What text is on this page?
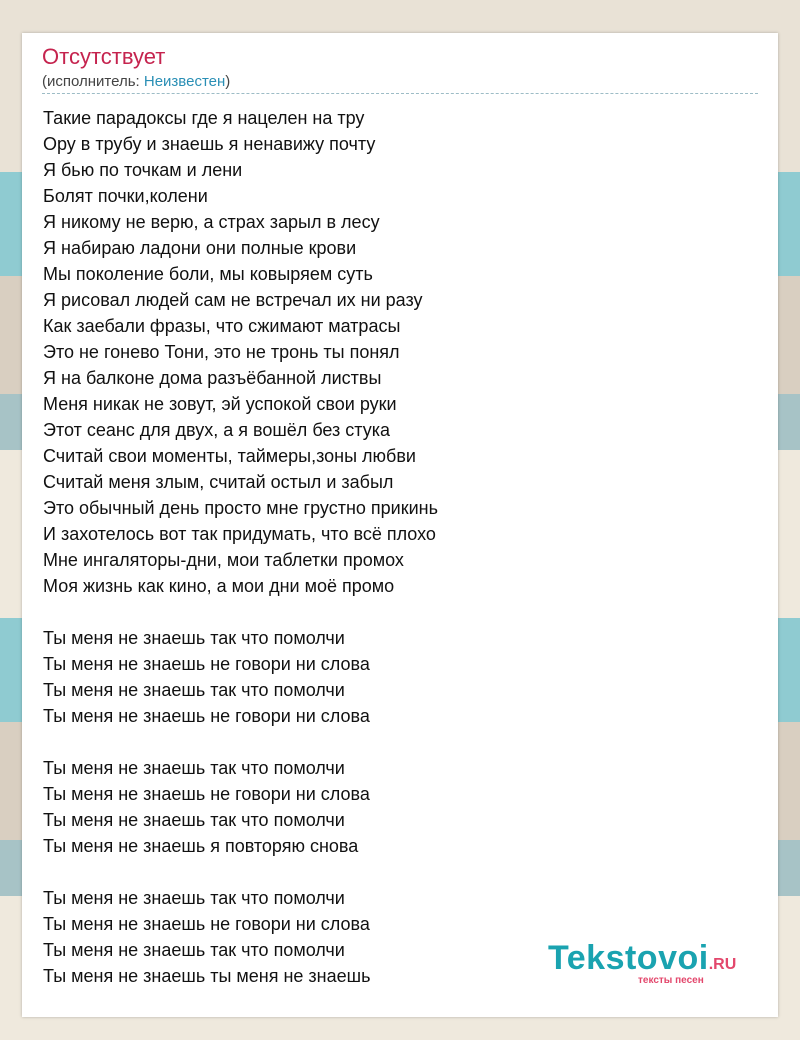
Отсутствует
(исполнитель: Неизвестен)
Такие парадоксы где я нацелен на тру
Ору в трубу и знаешь я ненавижу почту
Я бью по точкам и лени
Болят почки,колени
Я никому не верю, а страх зарыл в лесу
Я набираю ладони они полные крови
Мы поколение боли, мы ковыряем суть
Я рисовал людей сам не встречал их ни разу
Как заебали фразы, что сжимают матрасы
Это не гонево Тони, это не тронь ты понял
Я на балконе дома разъёбанной листвы
Меня никак не зовут, эй успокой свои руки
Этот сеанс для двух, а я вошёл без стука
Считай свои моменты, таймеры,зоны любви
Считай меня злым, считай остыл и забыл
Это обычный день просто мне грустно прикинь
И захотелось вот так придумать, что всё плохо
Мне ингаляторы-дни, мои таблетки промох
Моя жизнь как кино, а мои дни моё промо
Ты меня не знаешь так что помолчи
Ты меня не знаешь не говори ни слова
Ты меня не знаешь так что помолчи
Ты меня не знаешь не говори ни слова
Ты меня не знаешь так что помолчи
Ты меня не знаешь не говори ни слова
Ты меня не знаешь так что помолчи
Ты меня не знаешь я повторяю снова
Ты меня не знаешь так что помолчи
Ты меня не знаешь не говори ни слова
Ты меня не знаешь так что помолчи
Ты меня не знаешь ты меня не знаешь	Tekstovoi.RU
тексты песен
